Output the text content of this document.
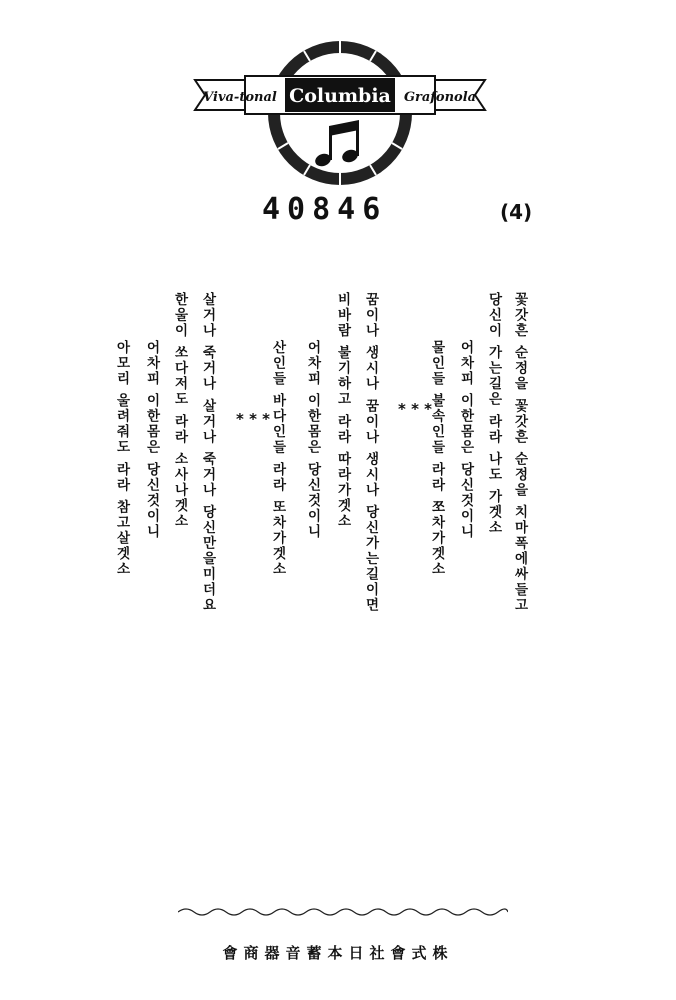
Viva-tonal Columbia Grafonola
40846	(4)
꽃갓흔 순정을 꽃갓흔 순정을 치마폭에싸들고
당신이 가는길은 라라 나도 가겟소
어차피 이한몸은 당신것이니
물인들 불속인들 라라 쪼차가겟소
* * *
꿈이나 생시나 꿈이나 생시나 당신가는길이면
비바람 불기하고 라라 따라가겟소
어차피 이한몸은 당신것이니
산인들 바다인들 라라 또차가겟소
* * *
살거나 죽거나 살거나 죽거나 당신만을미더요
한울이 쏘다저도 라라 소사나겟소
어차피 이한몸은 당신것이니
아모리 울려줘도 라라 참고살겟소
會商器音蓄本日社會式株
